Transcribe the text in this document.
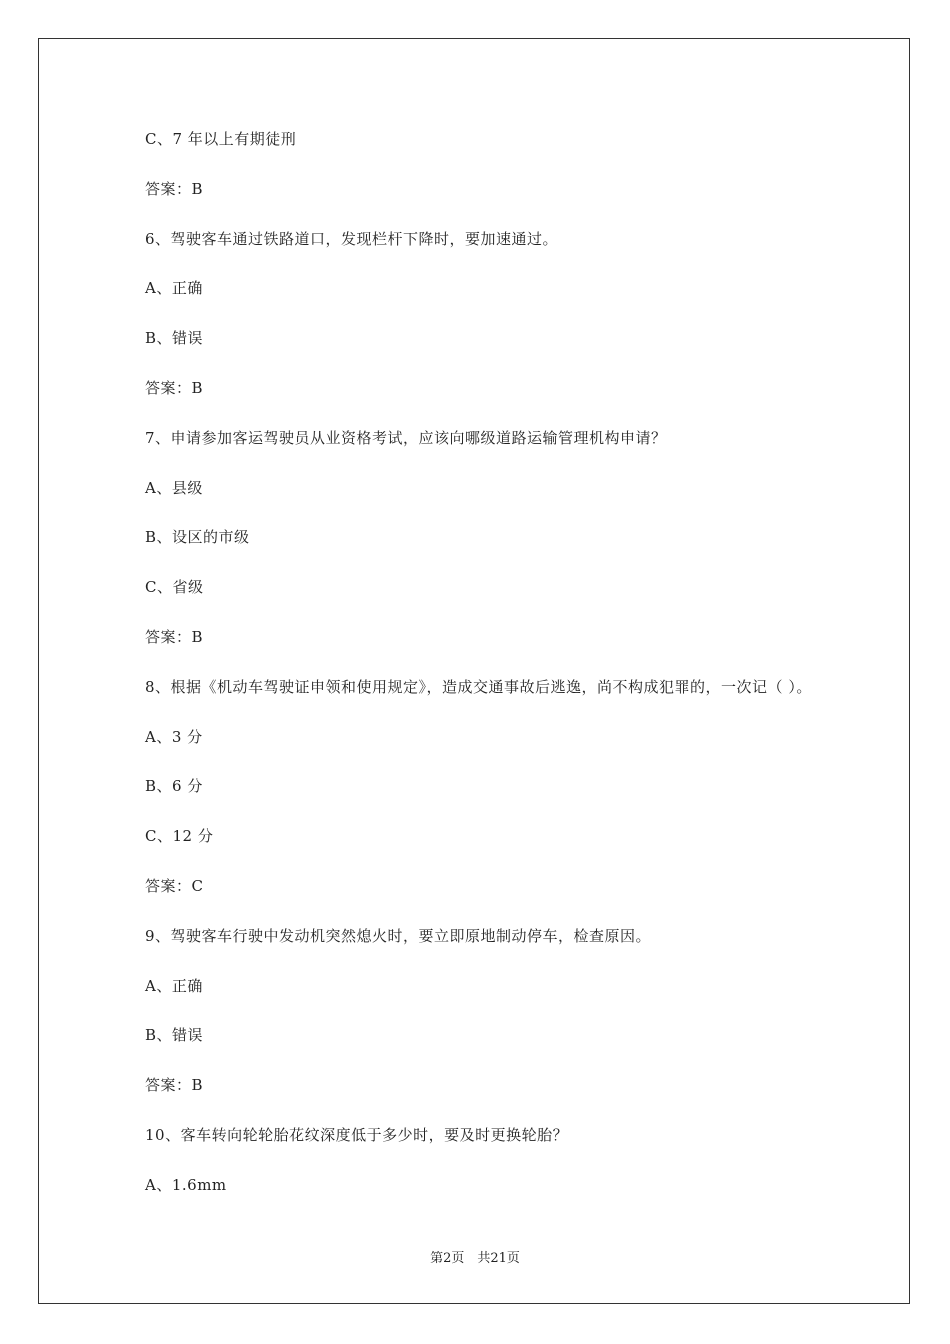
C、7 年以上有期徒刑
答案：B
6、驾驶客车通过铁路道口，发现栏杆下降时，要加速通过。
A、正确
B、错误
答案：B
7、申请参加客运驾驶员从业资格考试，应该向哪级道路运输管理机构申请？
A、县级
B、设区的市级
C、省级
答案：B
8、根据《机动车驾驶证申领和使用规定》，造成交通事故后逃逸，尚不构成犯罪的，一次记（ ）。
A、3 分
B、6 分
C、12 分
答案：C
9、驾驶客车行驶中发动机突然熄火时，要立即原地制动停车，检查原因。
A、正确
B、错误
答案：B
10、客车转向轮轮胎花纹深度低于多少时，要及时更换轮胎？
A、1.6mm
第2页　共21页
